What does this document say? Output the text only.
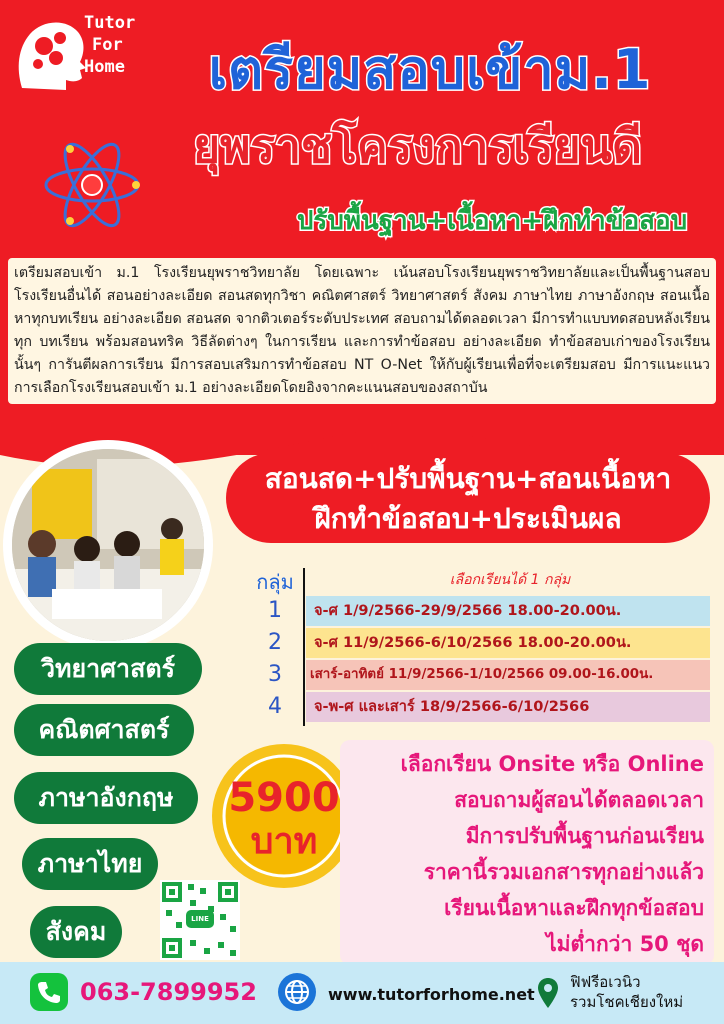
Tutor
For
Home	เตรียมสอบเข้าม.1
ยุพราชโครงการเรียนดี
ปรับพื้นฐาน+เนื้อหา+ฝึกทำข้อสอบ
เตรียมสอบเข้า ม.1 โรงเรียนยุพราชวิทยาลัย โดยเฉพาะ เน้นสอบโรงเรียนยุพราชวิทยาลัยและเป็นพื้นฐานสอบโรงเรียนอื่นได้ สอนอย่างละเอียด สอนสดทุกวิชา คณิตศาสตร์ วิทยาศาสตร์ สังคม ภาษาไทย ภาษาอังกฤษ สอนเนื้อ หาทุกบทเรียน อย่างละเอียด สอนสด จากติวเตอร์ระดับประเทศ สอบถามได้ตลอดเวลา มีการทำแบบทดสอบหลังเรียนทุก บทเรียน พร้อมสอนทริค วิธีลัดต่างๆ ในการเรียน และการทำข้อสอบ อย่างละเอียด ทำข้อสอบเก่าของโรงเรียนนั้นๆ การันตีผลการเรียน มีการสอบเสริมการทำข้อสอบ NT O-Net ให้กับผู้เรียนเพื่อที่จะเตรียมสอบ มีการแนะแนวการเลือกโรงเรียนสอบเข้า ม.1 อย่างละเอียดโดยอิงจากคะแนนสอบของสถาบัน
สอนสด+ปรับพื้นฐาน+สอนเนื้อหา
ฝึกทำข้อสอบ+ประเมินผล
กลุ่ม	เลือกเรียนได้ 1 กลุ่ม
1	จ-ศ 1/9/2566-29/9/2566 18.00-20.00น.
2	จ-ศ 11/9/2566-6/10/2566 18.00-20.00น.
3	เสาร์-อาทิตย์ 11/9/2566-1/10/2566 09.00-16.00น.
4	จ-พ-ศ และเสาร์ 18/9/2566-6/10/2566
วิทยาศาสตร์
คณิตศาสตร์
ภาษาอังกฤษ
ภาษาไทย
สังคม
5900
บาท
LINE
เลือกเรียน Onsite หรือ Online
สอบถามผู้สอนได้ตลอดเวลา
มีการปรับพื้นฐานก่อนเรียน
ราคานี้รวมเอกสารทุกอย่างแล้ว
เรียนเนื้อหาและฝึกทุกข้อสอบ
ไม่ต่ำกว่า 50 ชุด
063-7899952	www.tutorforhome.net
ฟิฟรีอเวนิว
รวมโชคเชียงใหม่
